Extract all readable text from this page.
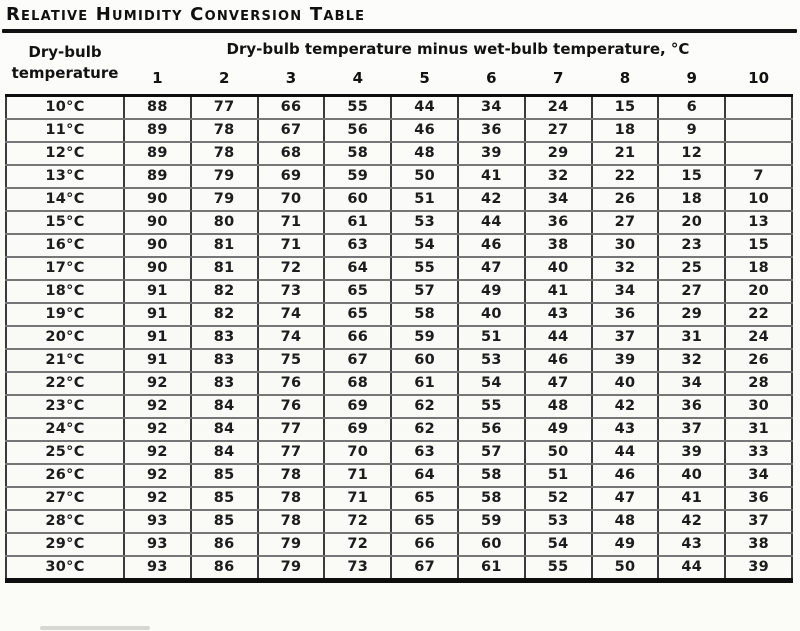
Relative Humidity Conversion Table
Dry-bulb
temperature	Dry-bulb temperature minus wet-bulb temperature, °C									
	1	2	3	4	5	6	7	8	9	10
10°C	88	77	66	55	44	34	24	15	6	
11°C	89	78	67	56	46	36	27	18	9	
12°C	89	78	68	58	48	39	29	21	12	
13°C	89	79	69	59	50	41	32	22	15	7
14°C	90	79	70	60	51	42	34	26	18	10
15°C	90	80	71	61	53	44	36	27	20	13
16°C	90	81	71	63	54	46	38	30	23	15
17°C	90	81	72	64	55	47	40	32	25	18
18°C	91	82	73	65	57	49	41	34	27	20
19°C	91	82	74	65	58	40	43	36	29	22
20°C	91	83	74	66	59	51	44	37	31	24
21°C	91	83	75	67	60	53	46	39	32	26
22°C	92	83	76	68	61	54	47	40	34	28
23°C	92	84	76	69	62	55	48	42	36	30
24°C	92	84	77	69	62	56	49	43	37	31
25°C	92	84	77	70	63	57	50	44	39	33
26°C	92	85	78	71	64	58	51	46	40	34
27°C	92	85	78	71	65	58	52	47	41	36
28°C	93	85	78	72	65	59	53	48	42	37
29°C	93	86	79	72	66	60	54	49	43	38
30°C	93	86	79	73	67	61	55	50	44	39
